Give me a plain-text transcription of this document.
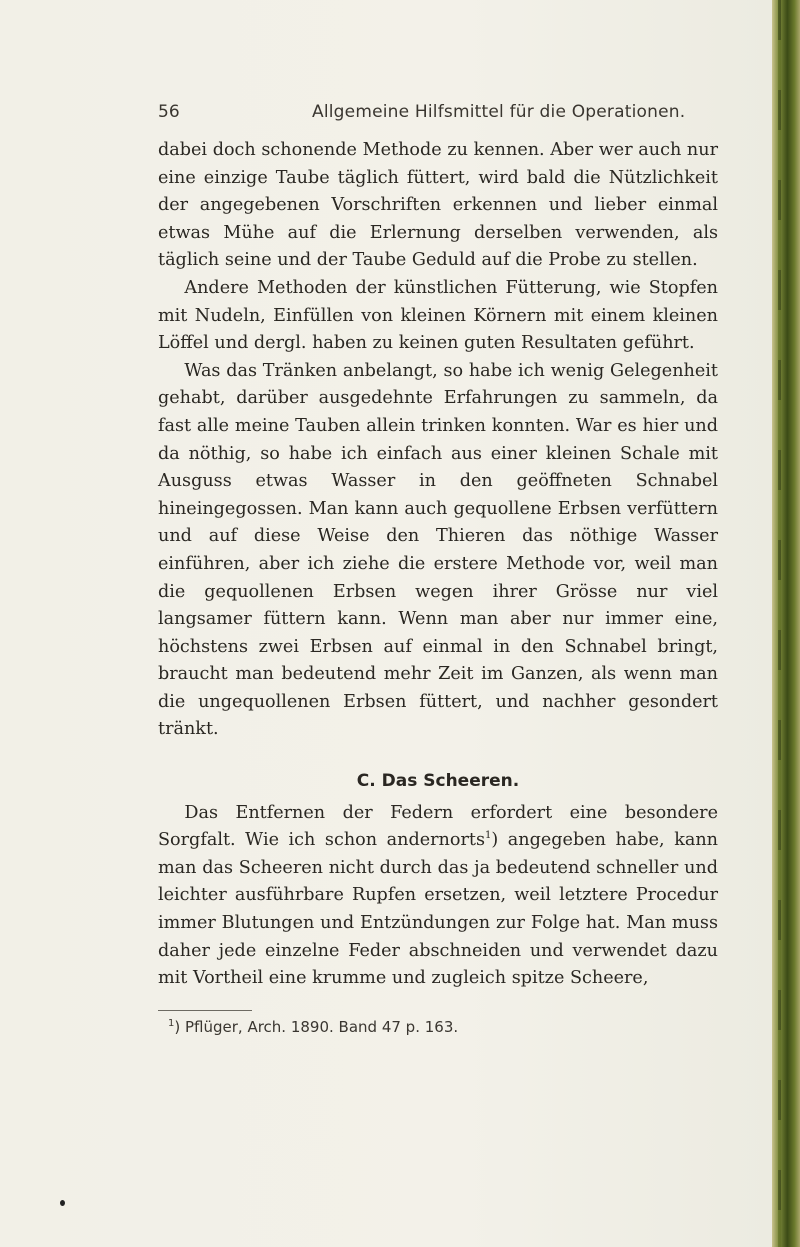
56	Allgemeine Hilfsmittel für die Operationen.

dabei doch schonende Methode zu kennen. Aber wer auch nur eine einzige Taube täglich füttert, wird bald die Nützlichkeit der angegebenen Vorschriften erkennen und lieber einmal etwas Mühe auf die Erlernung derselben verwenden, als täglich seine und der Taube Geduld auf die Probe zu stellen.

Andere Methoden der künstlichen Fütterung, wie Stopfen mit Nudeln, Einfüllen von kleinen Körnern mit einem kleinen Löffel und dergl. haben zu keinen guten Resultaten geführt.

Was das Tränken anbelangt, so habe ich wenig Gelegenheit gehabt, darüber ausgedehnte Erfahrungen zu sammeln, da fast alle meine Tauben allein trinken konnten. War es hier und da nöthig, so habe ich einfach aus einer kleinen Schale mit Ausguss etwas Wasser in den geöffneten Schnabel hineingegossen. Man kann auch gequollene Erbsen verfüttern und auf diese Weise den Thieren das nöthige Wasser einführen, aber ich ziehe die erstere Methode vor, weil man die gequollenen Erbsen wegen ihrer Grösse nur viel langsamer füttern kann. Wenn man aber nur immer eine, höchstens zwei Erbsen auf einmal in den Schnabel bringt, braucht man bedeutend mehr Zeit im Ganzen, als wenn man die ungequollenen Erbsen füttert, und nachher gesondert tränkt.

C. Das Scheeren.

Das Entfernen der Federn erfordert eine besondere Sorgfalt. Wie ich schon andernorts$^1$) angegeben habe, kann man das Scheeren nicht durch das ja bedeutend schneller und leichter ausführbare Rupfen ersetzen, weil letztere Procedur immer Blutungen und Entzündungen zur Folge hat. Man muss daher jede einzelne Feder abschneiden und verwendet dazu mit Vortheil eine krumme und zugleich spitze Scheere,

$^1$) Pflüger, Arch. 1890. Band 47 p. 163.
